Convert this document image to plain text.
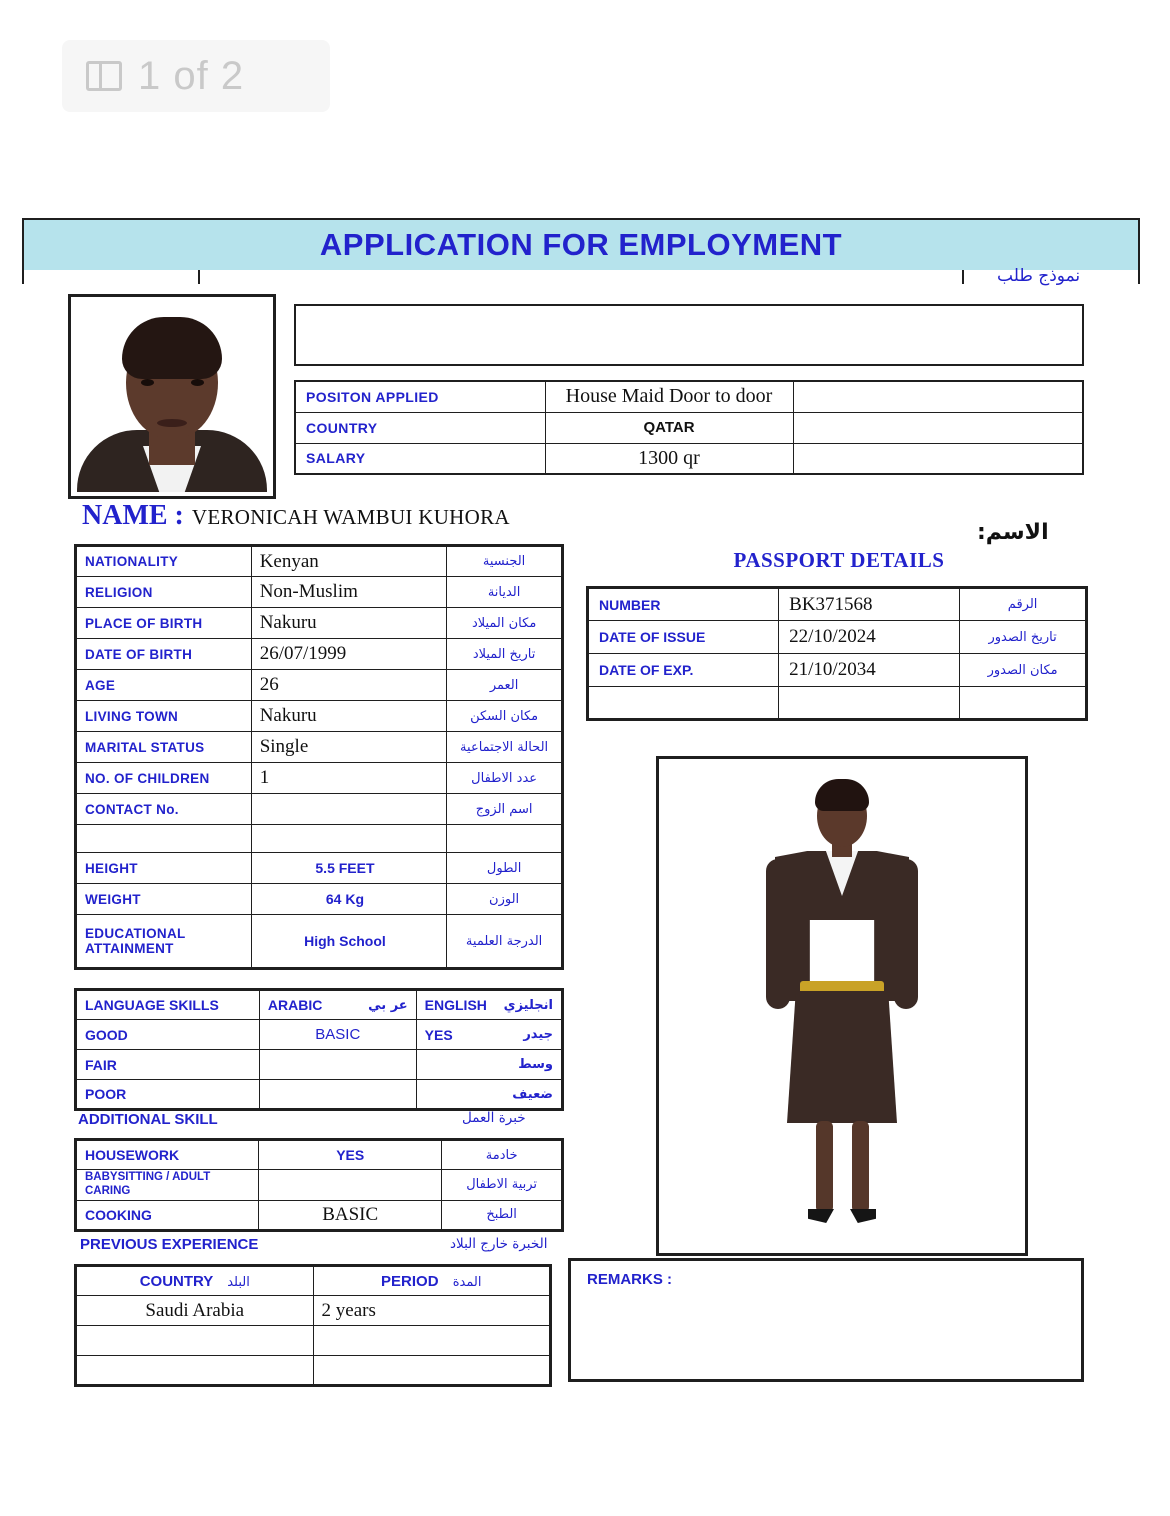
1 of 2
APPLICATION FOR EMPLOYMENT
نموذج طلب
POSITON APPLIED	House Maid Door to door	
COUNTRY	QATAR	
SALARY	1300 qr	
NAME : VERONICAH WAMBUI KUHORA
الاسم:
NATIONALITY	Kenyan	الجنسية
RELIGION	Non-Muslim	الديانة
PLACE OF BIRTH	Nakuru	مكان الميلاد
DATE OF BIRTH	26/07/1999	تاريخ الميلاد
AGE	26	العمر
LIVING TOWN	Nakuru	مكان السكن
MARITAL STATUS	Single	الحالة الاجتماعية
NO. OF CHILDREN	1	عدد الاطفال
CONTACT No.		اسم الزوج

HEIGHT	5.5 FEET	الطول
WEIGHT	64 Kg	الوزن
EDUCATIONAL ATTAINMENT	High School	الدرجة العلمية
PASSPORT DETAILS
NUMBER	BK371568	الرقم
DATE OF ISSUE	22/10/2024	تاريخ الصدور
DATE OF EXP.	21/10/2034	مكان الصدور

LANGUAGE SKILLS	ARABIC عر بي	ENGLISH انجليزي

GOOD	BASIC	YES جيدر

FAIR		وسط

POOR		ضعيف
ADDITIONAL SKILL	خبرة العمل
HOUSEWORK	YES	خادمة
BABYSITTING / ADULT CARING		تربية الاطفال
COOKING	BASIC	الطبخ
PREVIOUS EXPERIENCE	الخبرة خارج البلاد
COUNTRY البلد	PERIOD المدة
Saudi Arabia	2 years

REMARKS :
